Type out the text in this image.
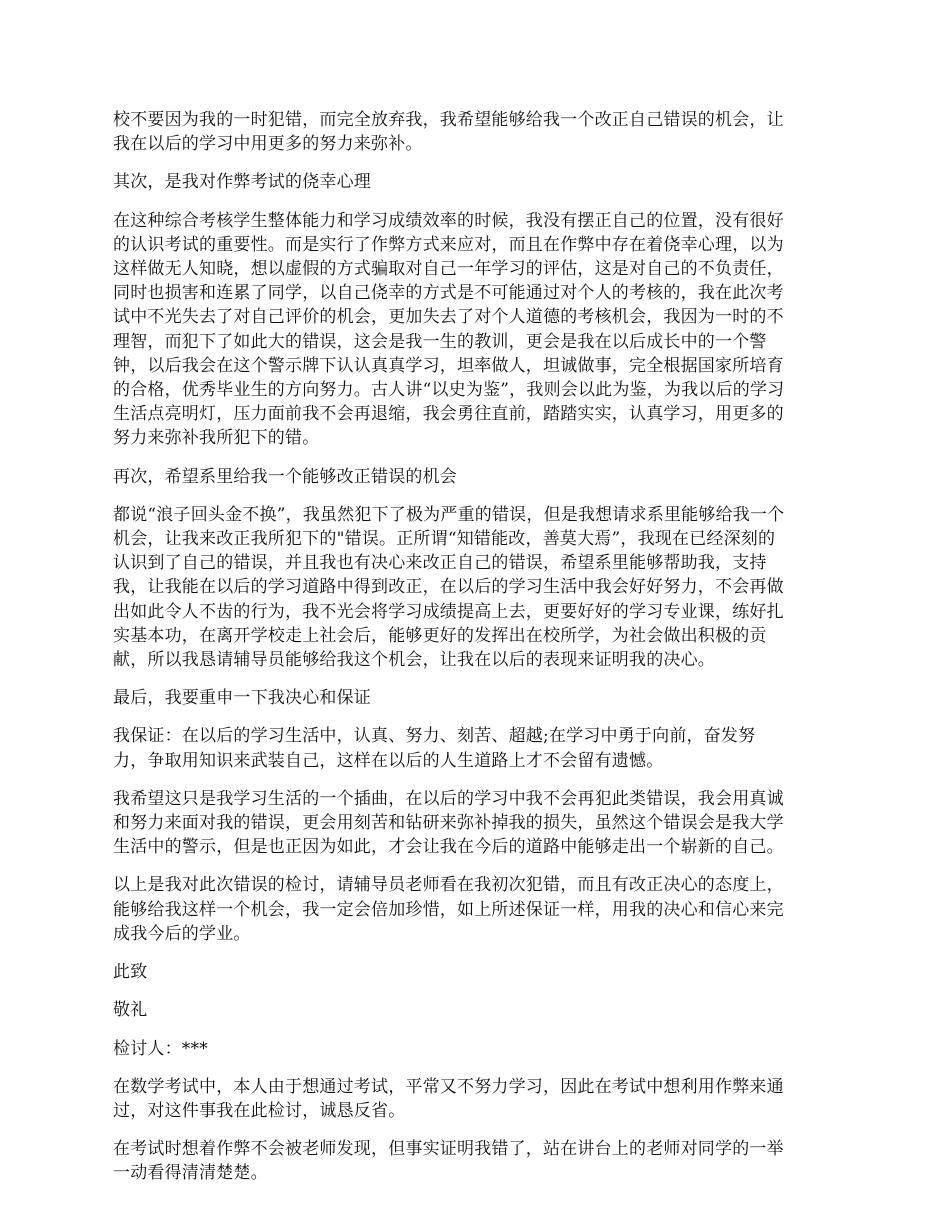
校不要因为我的一时犯错，而完全放弃我，我希望能够给我一个改正自己错误的机会，让
我在以后的学习中用更多的努力来弥补。

其次，是我对作弊考试的侥幸心理

在这种综合考核学生整体能力和学习成绩效率的时候，我没有摆正自己的位置，没有很好
的认识考试的重要性。而是实行了作弊方式来应对，而且在作弊中存在着侥幸心理，以为
这样做无人知晓，想以虚假的方式骗取对自己一年学习的评估，这是对自己的不负责任，
同时也损害和连累了同学，以自己侥幸的方式是不可能通过对个人的考核的，我在此次考
试中不光失去了对自己评价的机会，更加失去了对个人道德的考核机会，我因为一时的不
理智，而犯下了如此大的错误，这会是我一生的教训，更会是我在以后成长中的一个警
钟，以后我会在这个警示牌下认认真真学习，坦率做人，坦诚做事，完全根据国家所培育
的合格，优秀毕业生的方向努力。古人讲“以史为鉴”，我则会以此为鉴，为我以后的学习
生活点亮明灯，压力面前我不会再退缩，我会勇往直前，踏踏实实，认真学习，用更多的
努力来弥补我所犯下的错。

再次，希望系里给我一个能够改正错误的机会

都说“浪子回头金不换”，我虽然犯下了极为严重的错误，但是我想请求系里能够给我一个
机会，让我来改正我所犯下的"错误。正所谓“知错能改，善莫大焉”，我现在已经深刻的
认识到了自己的错误，并且我也有决心来改正自己的错误，希望系里能够帮助我，支持
我，让我能在以后的学习道路中得到改正，在以后的学习生活中我会好好努力，不会再做
出如此令人不齿的行为，我不光会将学习成绩提高上去，更要好好的学习专业课，练好扎
实基本功，在离开学校走上社会后，能够更好的发挥出在校所学，为社会做出积极的贡
献，所以我恳请辅导员能够给我这个机会，让我在以后的表现来证明我的决心。

最后，我要重申一下我决心和保证

我保证：在以后的学习生活中，认真、努力、刻苦、超越;在学习中勇于向前，奋发努
力，争取用知识来武装自己，这样在以后的人生道路上才不会留有遗憾。

我希望这只是我学习生活的一个插曲，在以后的学习中我不会再犯此类错误，我会用真诚
和努力来面对我的错误，更会用刻苦和钻研来弥补掉我的损失，虽然这个错误会是我大学
生活中的警示，但是也正因为如此，才会让我在今后的道路中能够走出一个崭新的自己。

以上是我对此次错误的检讨，请辅导员老师看在我初次犯错，而且有改正决心的态度上，
能够给我这样一个机会，我一定会倍加珍惜，如上所述保证一样，用我的决心和信心来完
成我今后的学业。

此致

敬礼

检讨人：***

在数学考试中，本人由于想通过考试，平常又不努力学习，因此在考试中想利用作弊来通
过，对这件事我在此检讨，诚恳反省。

在考试时想着作弊不会被老师发现，但事实证明我错了，站在讲台上的老师对同学的一举
一动看得清清楚楚。
